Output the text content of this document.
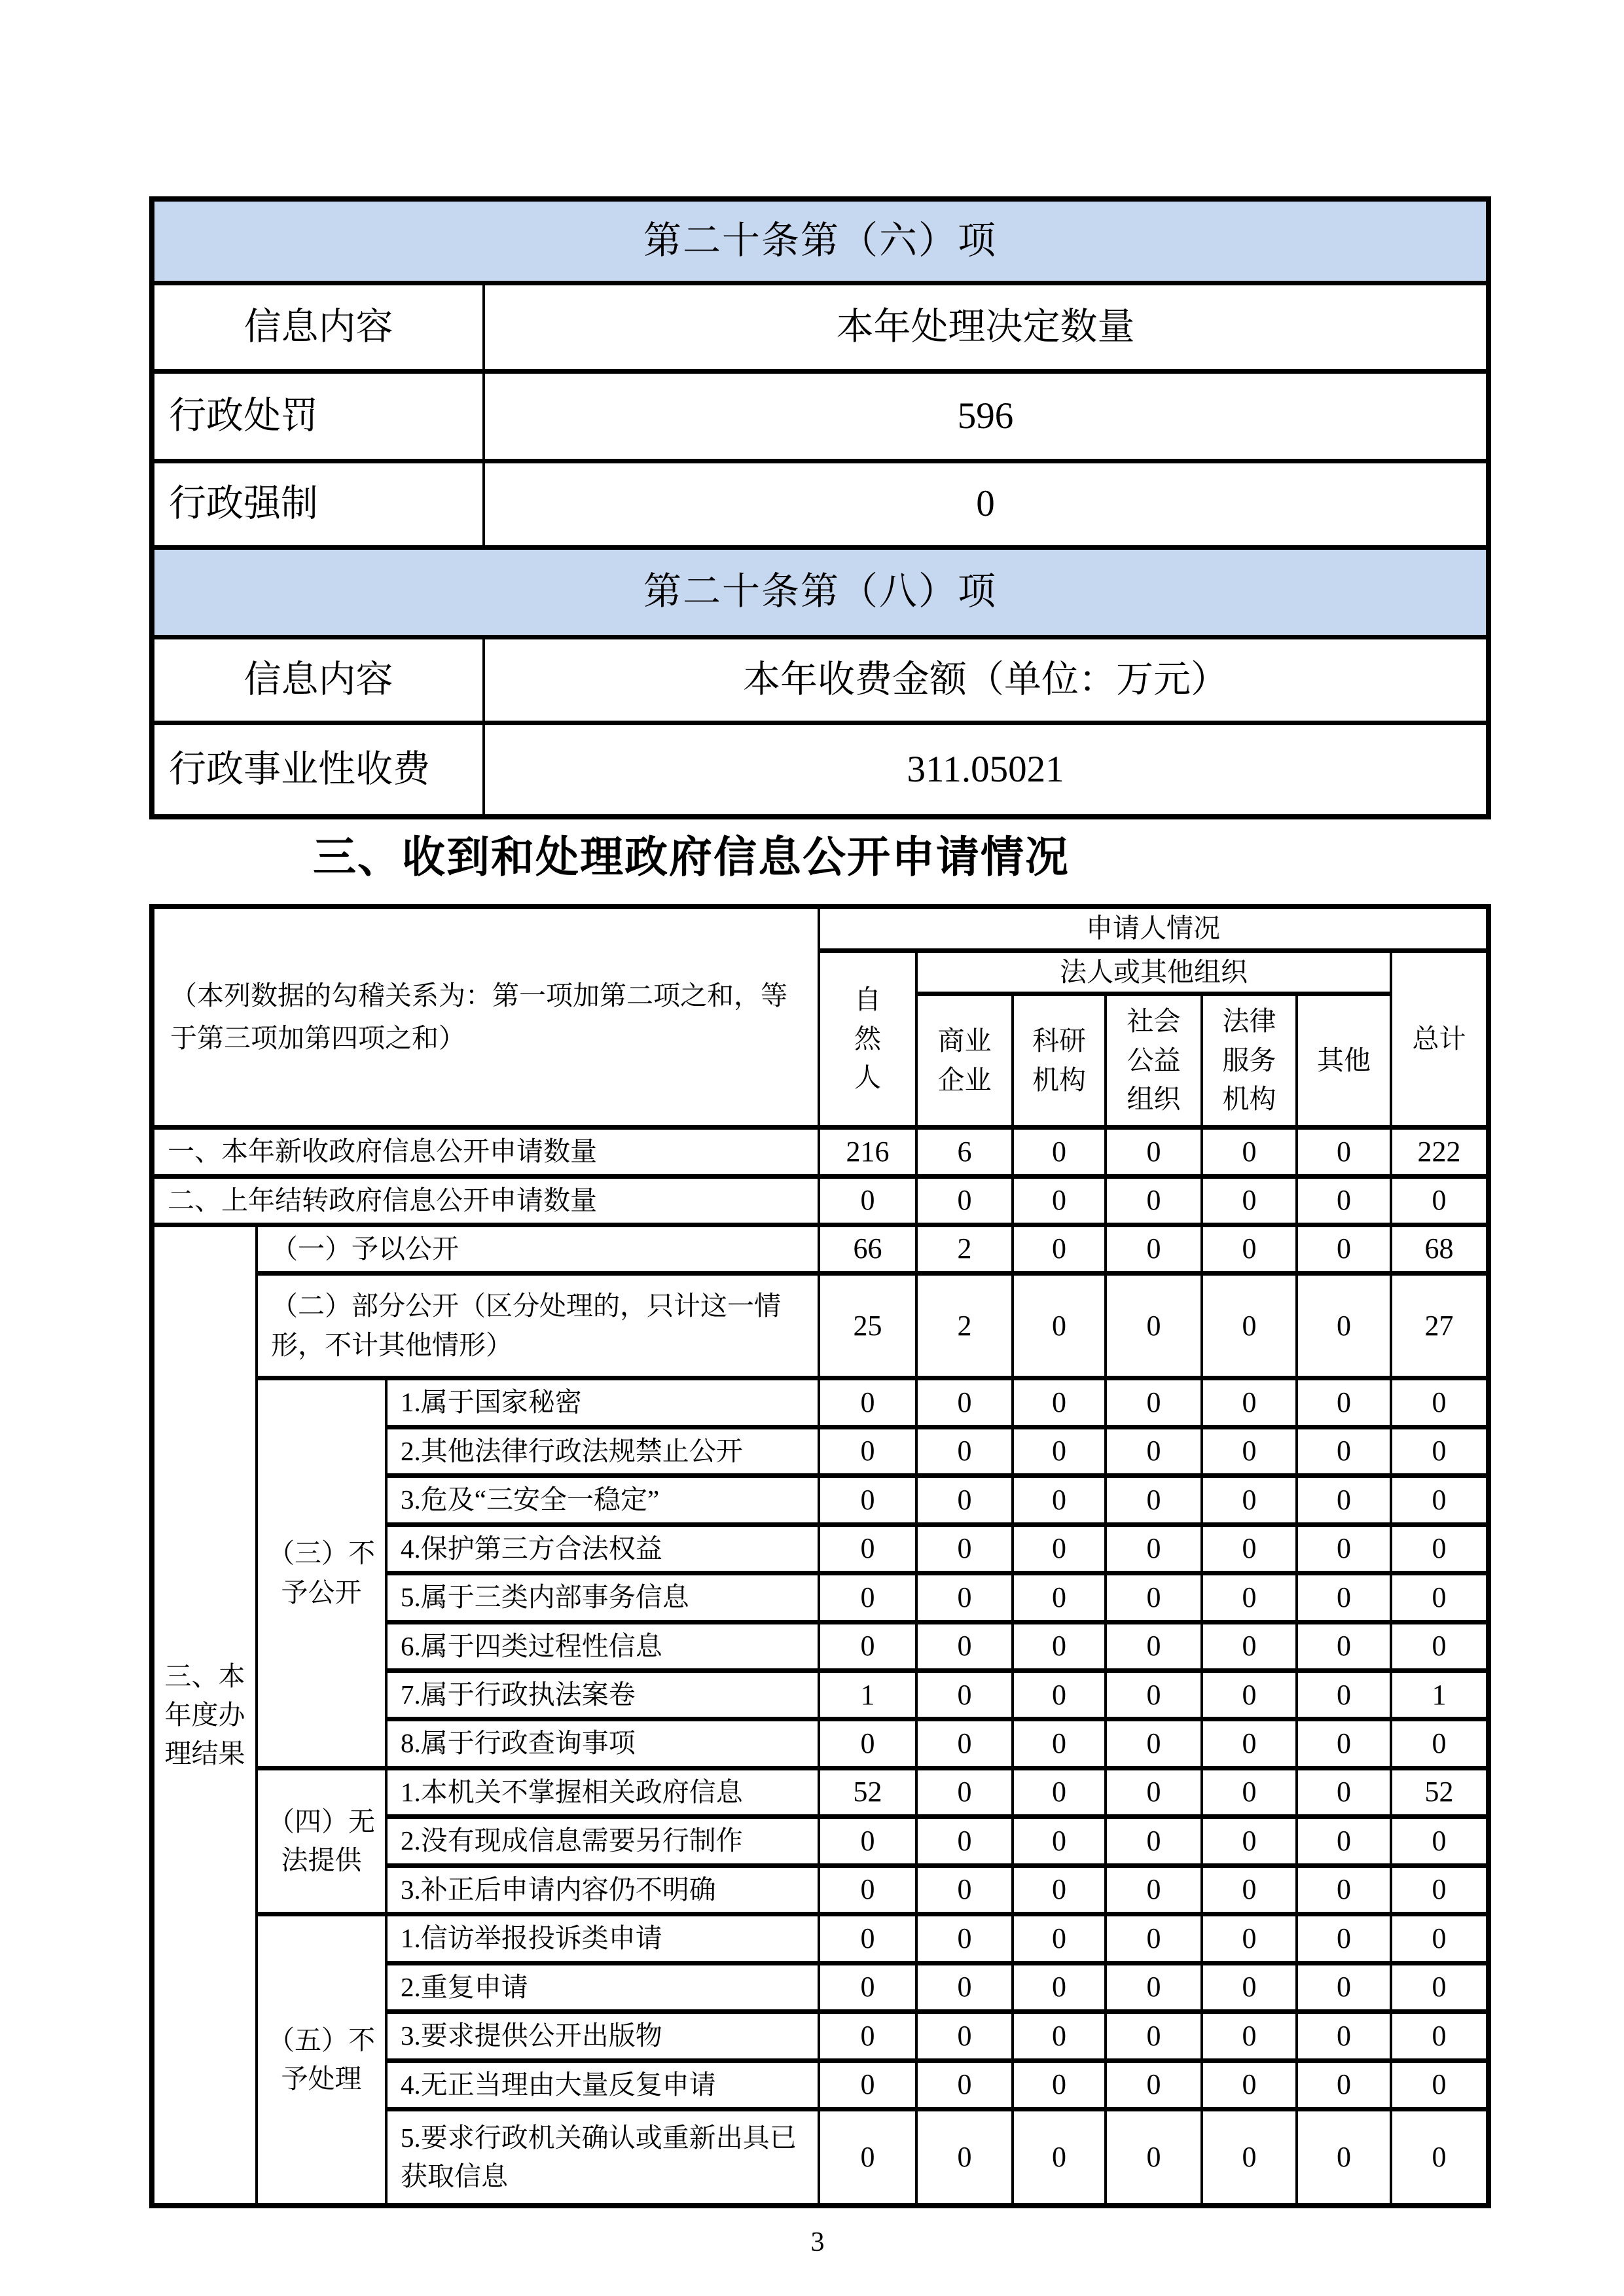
第二十条第（六）项	
信息内容	本年处理决定数量
行政处罚	596
行政强制	0
第二十条第（八）项	
信息内容	本年收费金额（单位：万元）
行政事业性收费	311.05021
三、收到和处理政府信息公开申请情况
（本列数据的勾稽关系为：第一项加第二项之和，等于第三项加第四项之和）			申请人情况						

			自然人	法人或其他组织					总计

				商业企业	科研机构	社会公益组织	法律服务机构	其他	
一、本年新收政府信息公开申请数量			216	6	0	0	0	0	222
二、上年结转政府信息公开申请数量			0	0	0	0	0	0	0

三、本年度办理结果	（一）予以公开		66	2	0	0	0	0	68
	（二）部分公开（区分处理的，只计这一情形，不计其他情形）		25	2	0	0	0	0	27

	（三）不予公开	1.属于国家秘密	0	0	0	0	0	0	0
		2.其他法律行政法规禁止公开	0	0	0	0	0	0	0
		3.危及“三安全一稳定”	0	0	0	0	0	0	0
		4.保护第三方合法权益	0	0	0	0	0	0	0
		5.属于三类内部事务信息	0	0	0	0	0	0	0
		6.属于四类过程性信息	0	0	0	0	0	0	0
		7.属于行政执法案卷	1	0	0	0	0	0	1
		8.属于行政查询事项	0	0	0	0	0	0	0

	（四）无法提供	1.本机关不掌握相关政府信息	52	0	0	0	0	0	52
		2.没有现成信息需要另行制作	0	0	0	0	0	0	0
		3.补正后申请内容仍不明确	0	0	0	0	0	0	0

	（五）不予处理	1.信访举报投诉类申请	0	0	0	0	0	0	0
		2.重复申请	0	0	0	0	0	0	0
		3.要求提供公开出版物	0	0	0	0	0	0	0
		4.无正当理由大量反复申请	0	0	0	0	0	0	0
		5.要求行政机关确认或重新出具已获取信息	0	0	0	0	0	0	0
3
